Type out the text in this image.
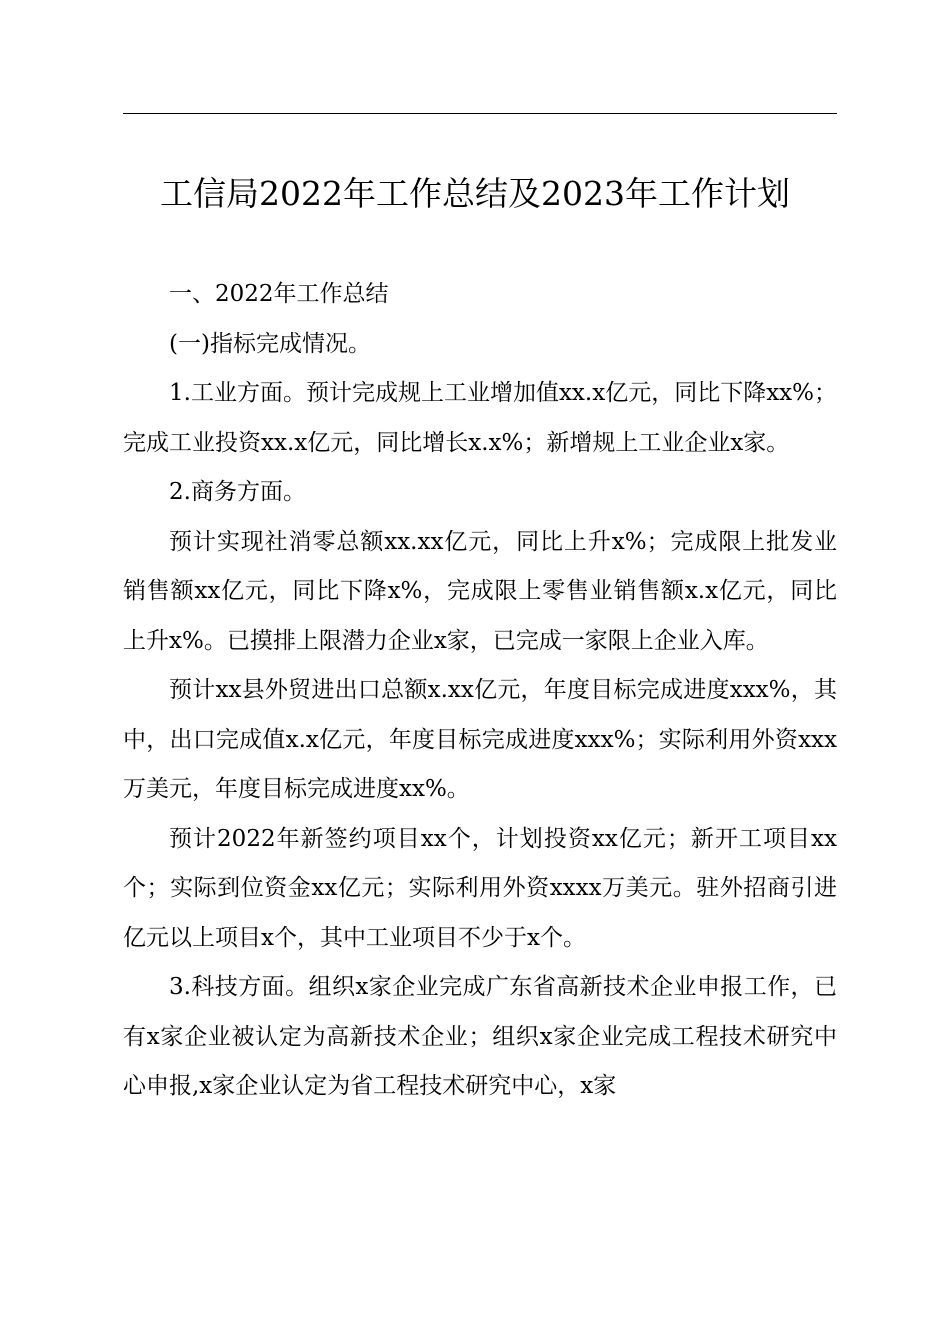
工信局2022年工作总结及2023年工作计划

一、2022年工作总结

(一)指标完成情况。

1.工业方面。预计完成规上工业增加值xx.x亿元，同比下降xx%；完成工业投资xx.x亿元，同比增长x.x%；新增规上工业企业x家。

2.商务方面。

预计实现社消零总额xx.xx亿元，同比上升x%；完成限上批发业销售额xx亿元，同比下降x%，完成限上零售业销售额x.x亿元，同比上升x%。已摸排上限潜力企业x家，已完成一家限上企业入库。

预计xx县外贸进出口总额x.xx亿元，年度目标完成进度xxx%，其中，出口完成值x.x亿元，年度目标完成进度xxx%；实际利用外资xxx万美元，年度目标完成进度xx%。

预计2022年新签约项目xx个，计划投资xx亿元；新开工项目xx个；实际到位资金xx亿元；实际利用外资xxxx万美元。驻外招商引进亿元以上项目x个，其中工业项目不少于x个。

3.科技方面。组织x家企业完成广东省高新技术企业申报工作，已有x家企业被认定为高新技术企业；组织x家企业完成工程技术研究中心申报,x家企业认定为省工程技术研究中心，x家
